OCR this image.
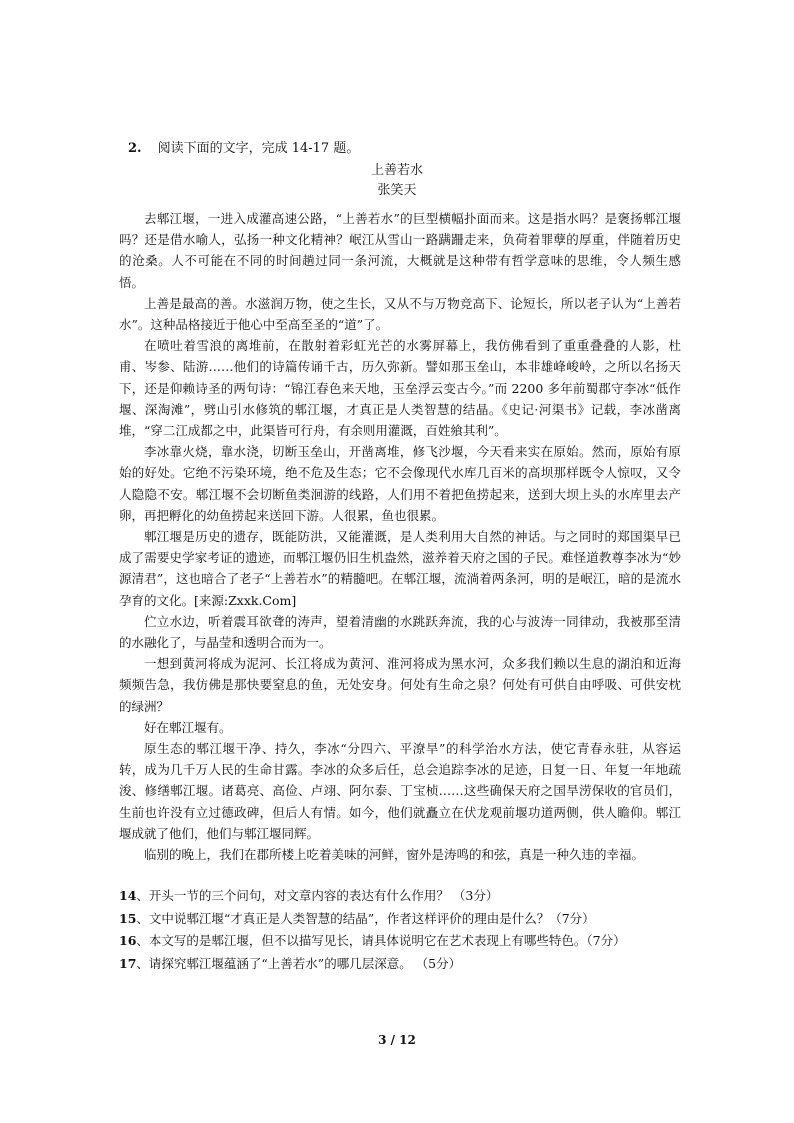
2. 阅读下面的文字，完成 14-17 题。
上善若水
张笑天

去郫江堰，一进入成灌高速公路，“上善若水”的巨型横幅扑面而来。这是指水吗？是褒扬郫江堰吗？还是借水喻人，弘扬一种文化精神？岷江从雪山一路蹒跚走来，负荷着罪孽的厚重，伴随着历史的沧桑。人不可能在不同的时间趟过同一条河流，大概就是这种带有哲学意味的思维，令人频生感悟。

上善是最高的善。水滋润万物，使之生长，又从不与万物竞高下、论短长，所以老子认为“上善若水”。这种品格接近于他心中至高至圣的“道”了。

在喷吐着雪浪的离堆前，在散射着彩虹光芒的水雾屏幕上，我仿佛看到了重重叠叠的人影，杜甫、岑参、陆游……他们的诗篇传诵千古，历久弥新。譬如那玉垒山，本非雄峰峻岭，之所以名扬天下，还是仰赖诗圣的两句诗：“锦江春色来天地，玉垒浮云变古今。”而 2200 多年前蜀郡守李冰“低作堰、深淘滩”，劈山引水修筑的郫江堰，才真正是人类智慧的结晶。《史记·河渠书》记载，李冰凿离堆，“穿二江成都之中，此渠皆可行舟，有余则用灌溉，百姓飨其利”。

李冰靠火烧，靠水浇，切断玉垒山，开凿离堆，修飞沙堰，今天看来实在原始。然而，原始有原始的好处。它绝不污染环境，绝不危及生态；它不会像现代水库几百米的高坝那样既令人惊叹，又令人隐隐不安。郫江堰不会切断鱼类洄游的线路，人们用不着把鱼捞起来，送到大坝上头的水库里去产卵，再把孵化的幼鱼捞起来送回下游。人很累，鱼也很累。

郫江堰是历史的遗存，既能防洪，又能灌溉，是人类利用大自然的神话。与之同时的郑国渠早已成了需要史学家考证的遗迹，而郫江堰仍旧生机盎然，滋养着天府之国的子民。难怪道教尊李冰为“妙源清君”，这也暗合了老子“上善若水”的精髓吧。在郫江堰，流淌着两条河，明的是岷江，暗的是流水孕育的文化。[来源:Zxxk.Com]

伫立水边，听着震耳欲聋的涛声，望着清幽的水跳跃奔流，我的心与波涛一同律动，我被那至清的水融化了，与晶莹和透明合而为一。

一想到黄河将成为泥河、长江将成为黄河、淮河将成为黑水河，众多我们赖以生息的湖泊和近海频频告急，我仿佛是那快要窒息的鱼，无处安身。何处有生命之泉？何处有可供自由呼吸、可供安枕的绿洲？

好在郫江堰有。

原生态的郫江堰干净、持久，李冰“分四六、平潦旱”的科学治水方法，使它青春永驻，从容运转，成为几千万人民的生命甘露。李冰的众多后任，总会追踪李冰的足迹，日复一日、年复一年地疏浚、修缮郫江堰。诸葛亮、高俭、卢翊、阿尔泰、丁宝桢……这些确保天府之国旱涝保收的官员们，生前也许没有立过德政碑，但后人有情。如今，他们就矗立在伏龙观前堰功道两侧，供人瞻仰。郫江堰成就了他们，他们与郫江堰同辉。

临别的晚上，我们在郡所楼上吃着美味的河鲜，窗外是涛鸣的和弦，真是一种久违的幸福。

14、开头一节的三个问句，对文章内容的表达有什么作用？ （3分）
15、文中说郫江堰“才真正是人类智慧的结晶”，作者这样评价的理由是什么？（7分）
16、本文写的是郫江堰，但不以描写见长，请具体说明它在艺术表现上有哪些特色。（7分）
17、请探究郫江堰蕴涵了“上善若水”的哪几层深意。 （5分）
3 / 12
